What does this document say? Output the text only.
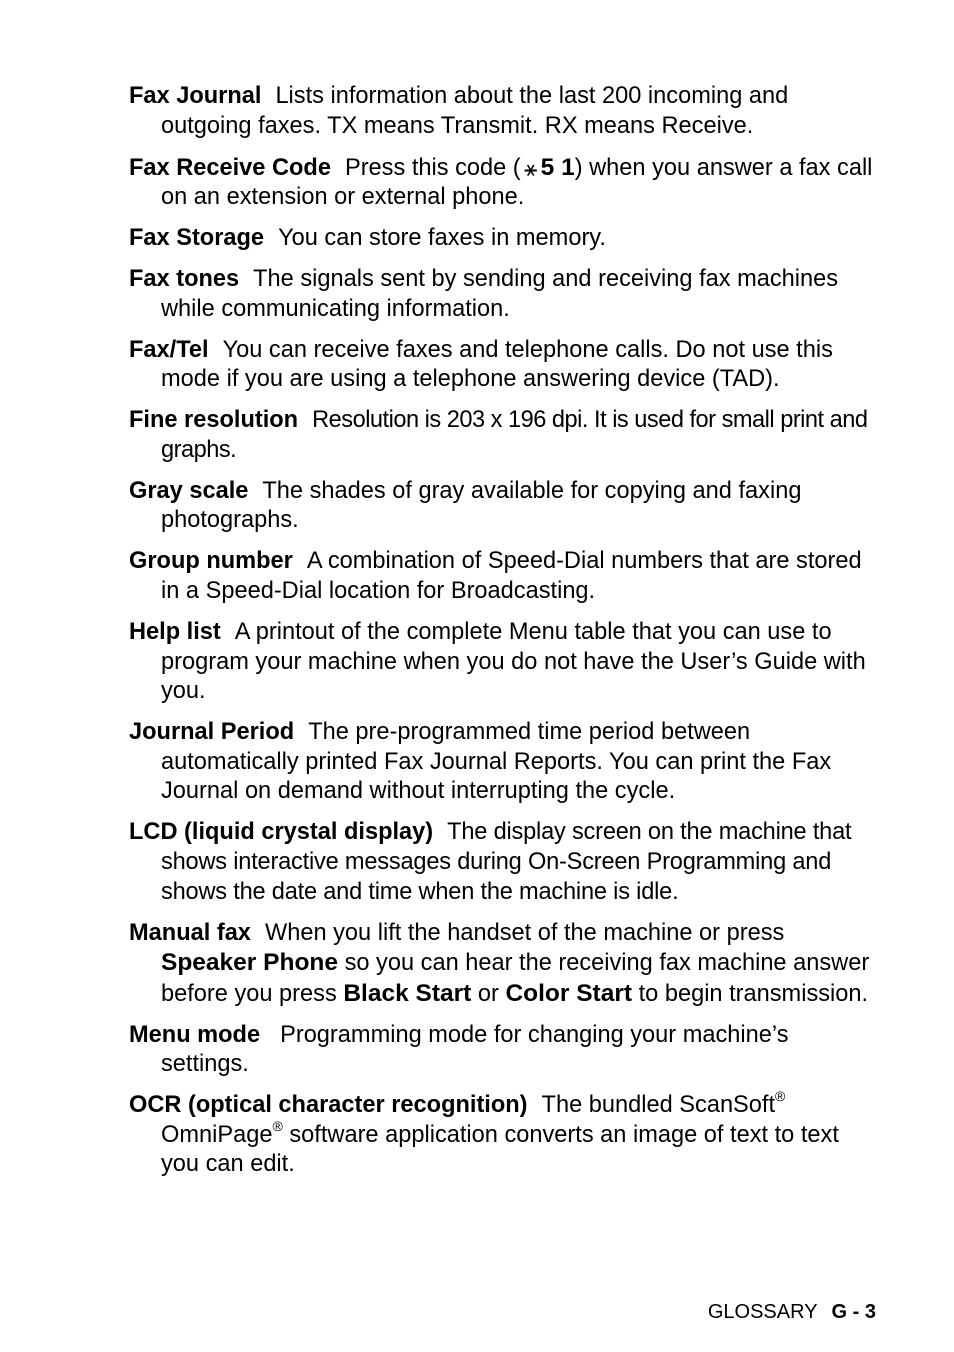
Fax Journal Lists information about the last 200 incoming and outgoing faxes. TX means Transmit. RX means Receive.

Fax Receive Code Press this code ( ⚹ 5 1) when you answer a fax call on an extension or external phone.

Fax Storage You can store faxes in memory.

Fax tones The signals sent by sending and receiving fax machines while communicating information.

Fax/Tel You can receive faxes and telephone calls. Do not use this mode if you are using a telephone answering device (TAD).

Fine resolution Resolution is 203 x 196 dpi. It is used for small print and graphs.

Gray scale The shades of gray available for copying and faxing photographs.

Group number A combination of Speed-Dial numbers that are stored in a Speed-Dial location for Broadcasting.

Help list A printout of the complete Menu table that you can use to program your machine when you do not have the User’s Guide with you.

Journal Period The pre-programmed time period between automatically printed Fax Journal Reports. You can print the Fax Journal on demand without interrupting the cycle.

LCD (liquid crystal display) The display screen on the machine that shows interactive messages during On-Screen Programming and shows the date and time when the machine is idle.

Manual fax When you lift the handset of the machine or press Speaker Phone so you can hear the receiving fax machine answer before you press Black Start or Color Start to begin transmission.

Menu mode Programming mode for changing your machine’s settings.

OCR (optical character recognition) The bundled ScanSoft® OmniPage® software application converts an image of text to text you can edit.

GLOSSARY G - 3
